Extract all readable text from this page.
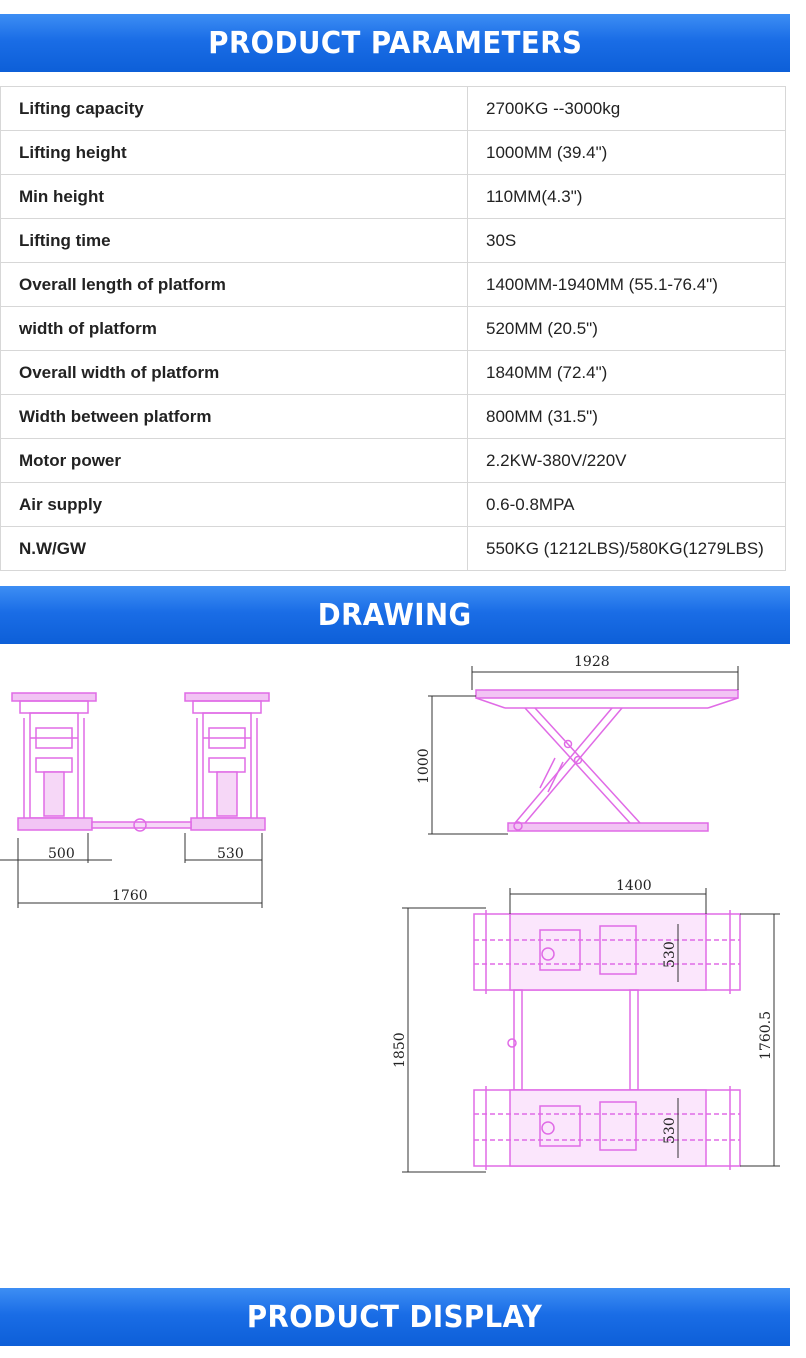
PRODUCT PARAMETERS
Lifting capacity	2700KG --3000kg
Lifting height	1000MM (39.4")
Min height	110MM(4.3")
Lifting time	30S
Overall length of platform	1400MM-1940MM (55.1-76.4")
width of platform	520MM (20.5")
Overall width of platform	1840MM (72.4")
Width between platform	800MM (31.5")
Motor power	2.2KW-380V/220V
Air supply	0.6-0.8MPA
N.W/GW	550KG (1212LBS)/580KG(1279LBS)
DRAWING
500	530
1760
1928
1000
1400
530
530
1850	1760.5
PRODUCT DISPLAY
